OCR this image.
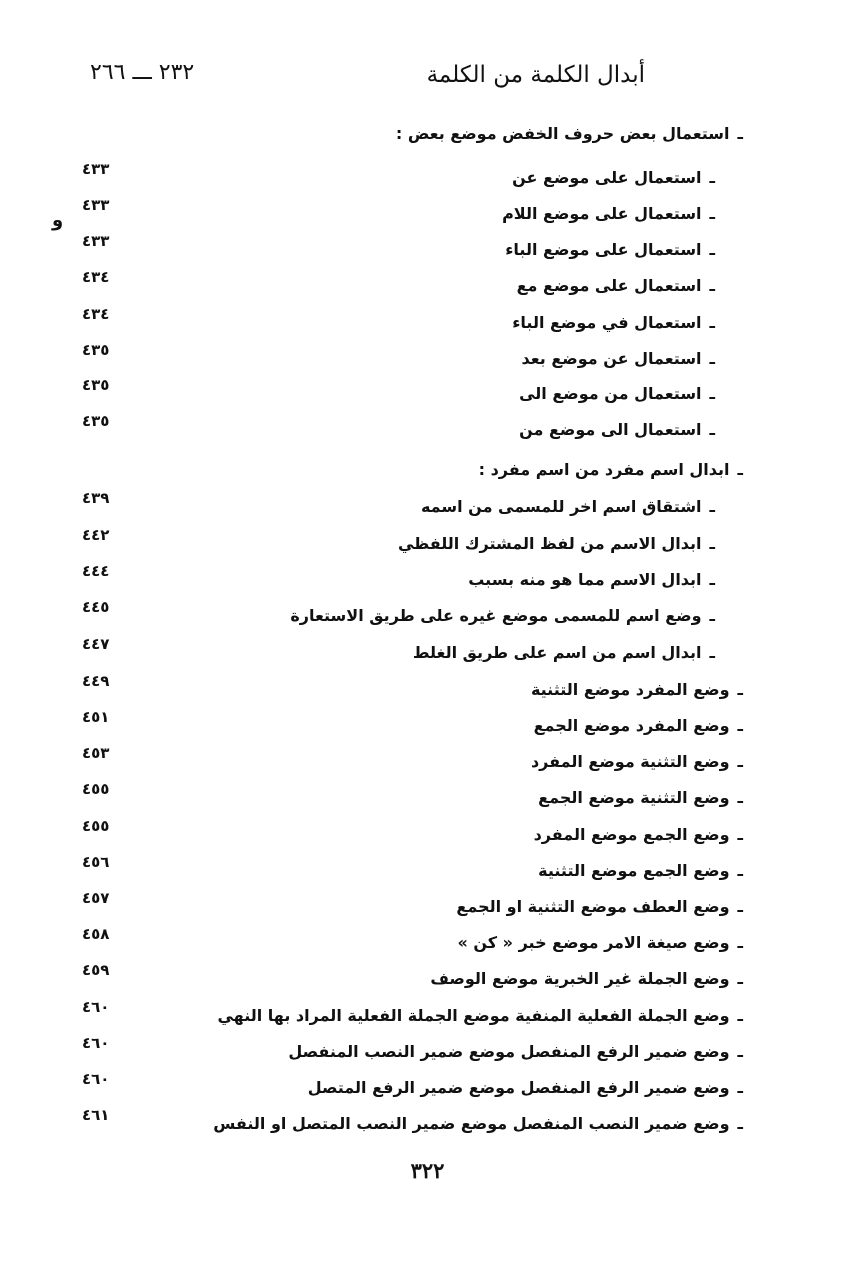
أبدال الكلمة من الكلمة
٢٣٢ ـــ ٢٦٦
و
ـاستعمال بعض حروف الخفض موضع بعض :
ـاستعمال على موضع عن
٤٣٣
ـاستعمال على موضع اللام
٤٣٣
ـاستعمال على موضع الباء
٤٣٣
ـاستعمال على موضع مع
٤٣٤
ـاستعمال في موضع الباء
٤٣٤
ـاستعمال عن موضع بعد
٤٣٥
ـاستعمال من موضع الى
٤٣٥
ـاستعمال الى موضع من
٤٣٥
ـابدال اسم مفرد من اسم مفرد :
ـاشتقاق اسم اخر للمسمى من اسمه
٤٣٩
ـابدال الاسم من لفظ المشترك اللفظي
٤٤٢
ـابدال الاسم مما هو منه بسبب
٤٤٤
ـوضع اسم للمسمى موضع غيره على طريق الاستعارة
٤٤٥
ـابدال اسم من اسم على طريق الغلط
٤٤٧
ـوضع المفرد موضع التثنية
٤٤٩
ـوضع المفرد موضع الجمع
٤٥١
ـوضع التثنية موضع المفرد
٤٥٣
ـوضع التثنية موضع الجمع
٤٥٥
ـوضع الجمع موضع المفرد
٤٥٥
ـوضع الجمع موضع التثنية
٤٥٦
ـوضع العطف موضع التثنية او الجمع
٤٥٧
ـوضع صيغة الامر موضع خبر « كن »
٤٥٨
ـوضع الجملة غير الخبرية موضع الوصف
٤٥٩
ـوضع الجملة الفعلية المنفية موضع الجملة الفعلية المراد بها النهي
٤٦٠
ـوضع ضمير الرفع المنفصل موضع ضمير النصب المنفصل
٤٦٠
ـوضع ضمير الرفع المنفصل موضع ضمير الرفع المتصل
٤٦٠
ـوضع ضمير النصب المنفصل موضع ضمير النصب المتصل او النفس
٤٦١
٣٢٢
